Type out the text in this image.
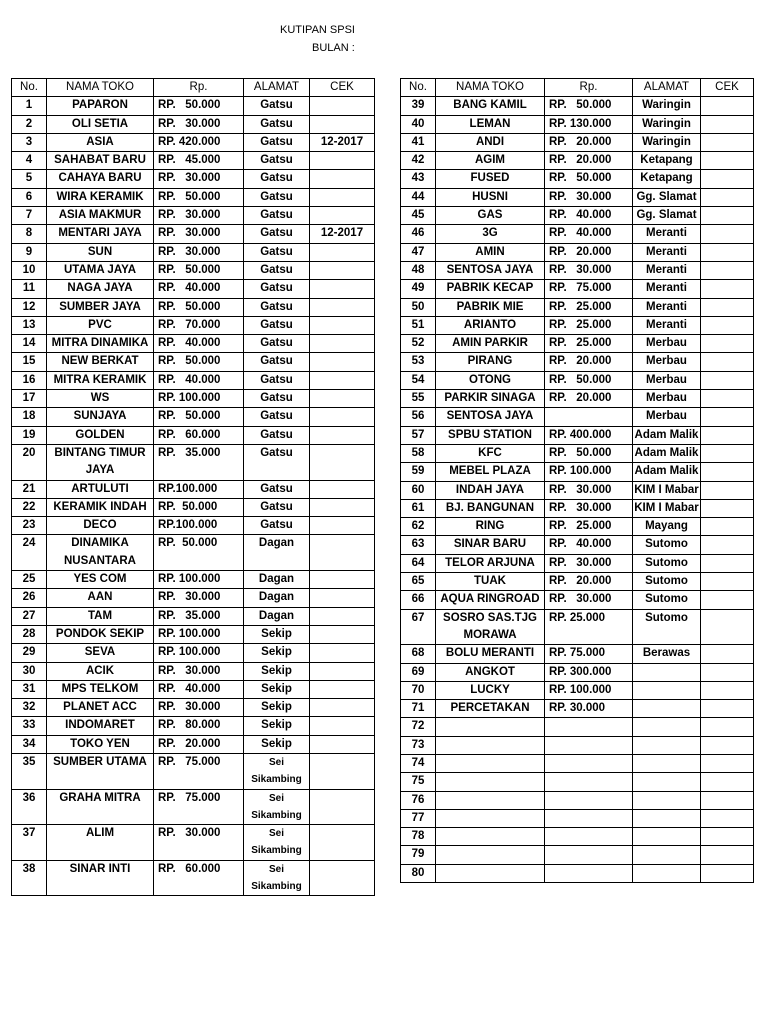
KUTIPAN SPSI
BULAN :
No.	NAMA TOKO	Rp.	ALAMAT	CEK
1	PAPARON	RP.   50.000	Gatsu	
2	OLI SETIA	RP.   30.000	Gatsu	
3	ASIA	RP. 420.000	Gatsu	12-2017
4	SAHABAT BARU	RP.   45.000	Gatsu	
5	CAHAYA BARU	RP.   30.000	Gatsu	
6	WIRA KERAMIK	RP.   50.000	Gatsu	
7	ASIA MAKMUR	RP.   30.000	Gatsu	
8	MENTARI JAYA	RP.   30.000	Gatsu	12-2017
9	SUN	RP.   30.000	Gatsu	
10	UTAMA JAYA	RP.   50.000	Gatsu	
11	NAGA JAYA	RP.   40.000	Gatsu	
12	SUMBER JAYA	RP.   50.000	Gatsu	
13	PVC	RP.   70.000	Gatsu	
14	MITRA DINAMIKA	RP.   40.000	Gatsu	
15	NEW BERKAT	RP.   50.000	Gatsu	
16	MITRA KERAMIK	RP.   40.000	Gatsu	
17	WS	RP. 100.000	Gatsu	
18	SUNJAYA	RP.   50.000	Gatsu	
19	GOLDEN	RP.   60.000	Gatsu	
20	BINTANG TIMUR JAYA	RP.   35.000	Gatsu	
21	ARTULUTI	RP.100.000	Gatsu	
22	KERAMIK INDAH	RP.  50.000	Gatsu	
23	DECO	RP.100.000	Gatsu	
24	DINAMIKA NUSANTARA	RP.  50.000	Dagan	
25	YES COM	RP. 100.000	Dagan	
26	AAN	RP.   30.000	Dagan	
27	TAM	RP.   35.000	Dagan	
28	PONDOK SEKIP	RP. 100.000	Sekip	
29	SEVA	RP. 100.000	Sekip	
30	ACIK	RP.   30.000	Sekip	
31	MPS TELKOM	RP.   40.000	Sekip	
32	PLANET ACC	RP.   30.000	Sekip	
33	INDOMARET	RP.   80.000	Sekip	
34	TOKO YEN	RP.   20.000	Sekip	
35	SUMBER UTAMA	RP.   75.000	Sei Sikambing	
36	GRAHA MITRA	RP.   75.000	Sei Sikambing	
37	ALIM	RP.   30.000	Sei Sikambing	
38	SINAR INTI	RP.   60.000	Sei Sikambing	
No.	NAMA TOKO	Rp.	ALAMAT	CEK
39	BANG KAMIL	RP.   50.000	Waringin	
40	LEMAN	RP. 130.000	Waringin	
41	ANDI	RP.   20.000	Waringin	
42	AGIM	RP.   20.000	Ketapang	
43	FUSED	RP.   50.000	Ketapang	
44	HUSNI	RP.   30.000	Gg. Slamat	
45	GAS	RP.   40.000	Gg. Slamat	
46	3G	RP.   40.000	Meranti	
47	AMIN	RP.   20.000	Meranti	
48	SENTOSA JAYA	RP.   30.000	Meranti	
49	PABRIK KECAP	RP.   75.000	Meranti	
50	PABRIK MIE	RP.   25.000	Meranti	
51	ARIANTO	RP.   25.000	Meranti	
52	AMIN PARKIR	RP.   25.000	Merbau	
53	PIRANG	RP.   20.000	Merbau	
54	OTONG	RP.   50.000	Merbau	
55	PARKIR SINAGA	RP.   20.000	Merbau	
56	SENTOSA JAYA		Merbau	
57	SPBU STATION	RP. 400.000	Adam Malik	
58	KFC	RP.   50.000	Adam Malik	
59	MEBEL PLAZA	RP. 100.000	Adam Malik	
60	INDAH JAYA	RP.   30.000	KIM I Mabar	
61	BJ. BANGUNAN	RP.   30.000	KIM I Mabar	
62	RING	RP.   25.000	Mayang	
63	SINAR BARU	RP.   40.000	Sutomo	
64	TELOR ARJUNA	RP.   30.000	Sutomo	
65	TUAK	RP.   20.000	Sutomo	
66	AQUA RINGROAD	RP.   30.000	Sutomo	
67	SOSRO SAS.TJG MORAWA	RP. 25.000	Sutomo	
68	BOLU MERANTI	RP. 75.000	Berawas	
69	ANGKOT	RP. 300.000		
70	LUCKY	RP. 100.000		
71	PERCETAKAN	RP. 30.000		
72				
73				
74				
75				
76				
77				
78				
79				
80				
